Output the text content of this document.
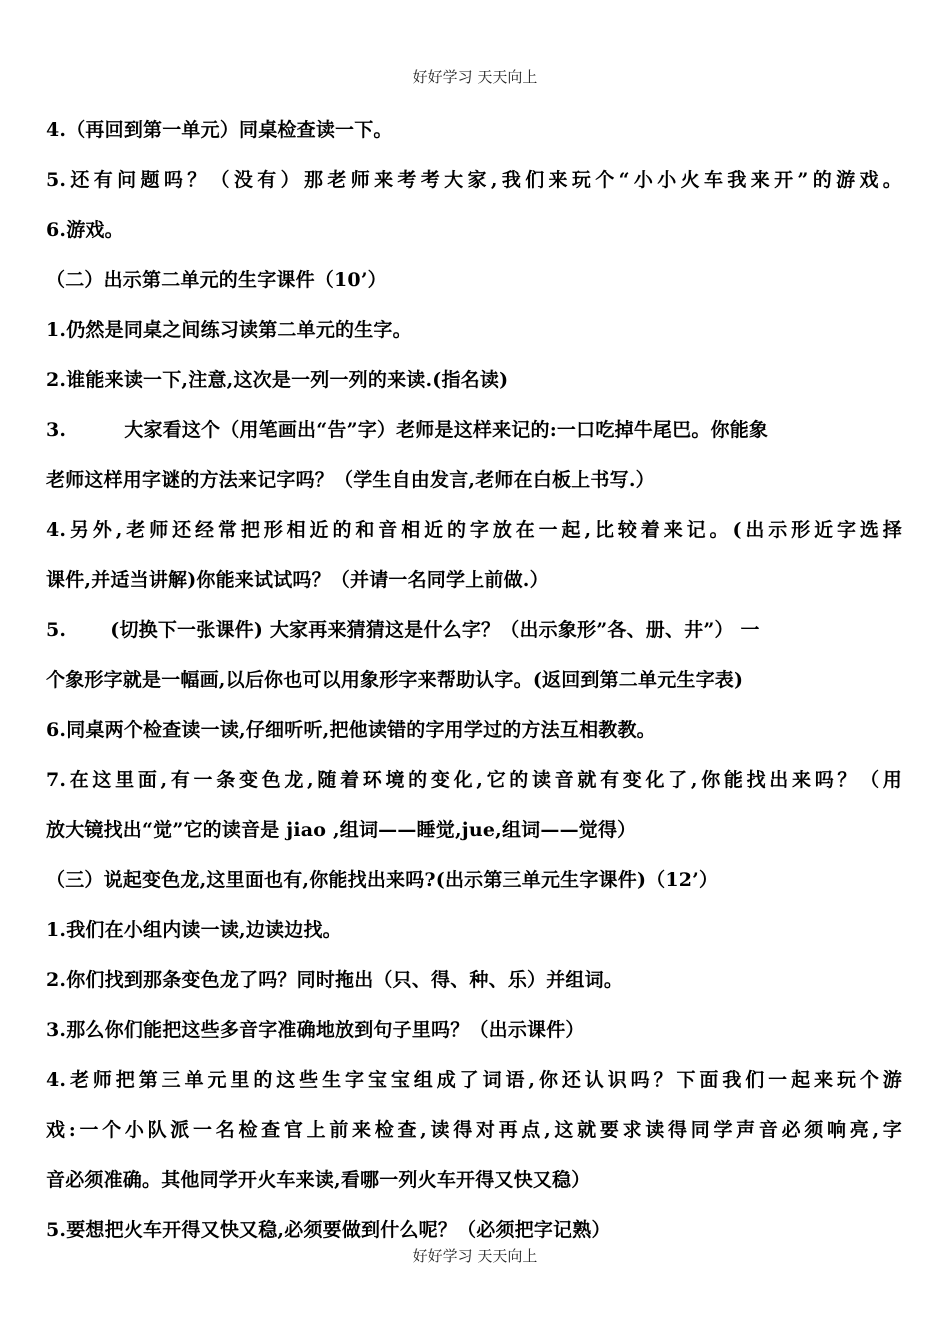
好好学习 天天向上
4.（再回到第一单元）同桌检查读一下。
5.还有问题吗？（没有）那老师来考考大家,我们来玩个“小小火车我来开”的游戏。
6.游戏。
（二）出示第二单元的生字课件（10’）
1.仍然是同桌之间练习读第二单元的生字。
2.谁能来读一下,注意,这次是一列一列的来读.(指名读)
3.	大家看这个（用笔画出“告”字）老师是这样来记的:一口吃掉牛尾巴。你能象
老师这样用字谜的方法来记字吗？（学生自由发言,老师在白板上书写.）
4.另外,老师还经常把形相近的和音相近的字放在一起,比较着来记。(出示形近字选择
课件,并适当讲解)你能来试试吗？（并请一名同学上前做.）
5. (切换下一张课件) 大家再来猜猜这是什么字？（出示象形”各、册、井”） 一
个象形字就是一幅画,以后你也可以用象形字来帮助认字。(返回到第二单元生字表)
6.同桌两个检查读一读,仔细听听,把他读错的字用学过的方法互相教教。
7.在这里面,有一条变色龙,随着环境的变化,它的读音就有变化了,你能找出来吗？（用
放大镜找出“觉”它的读音是 jiao ,组词——睡觉,jue,组词——觉得）
（三）说起变色龙,这里面也有,你能找出来吗?(出示第三单元生字课件)（12’）
1.我们在小组内读一读,边读边找。
2.你们找到那条变色龙了吗？同时拖出（只、得、种、乐）并组词。
3.那么你们能把这些多音字准确地放到句子里吗？（出示课件）
4.老师把第三单元里的这些生字宝宝组成了词语,你还认识吗？下面我们一起来玩个游
戏:一个小队派一名检查官上前来检查,读得对再点,这就要求读得同学声音必须响亮,字
音必须准确。其他同学开火车来读,看哪一列火车开得又快又稳）
5.要想把火车开得又快又稳,必须要做到什么呢？（必须把字记熟）
好好学习 天天向上
